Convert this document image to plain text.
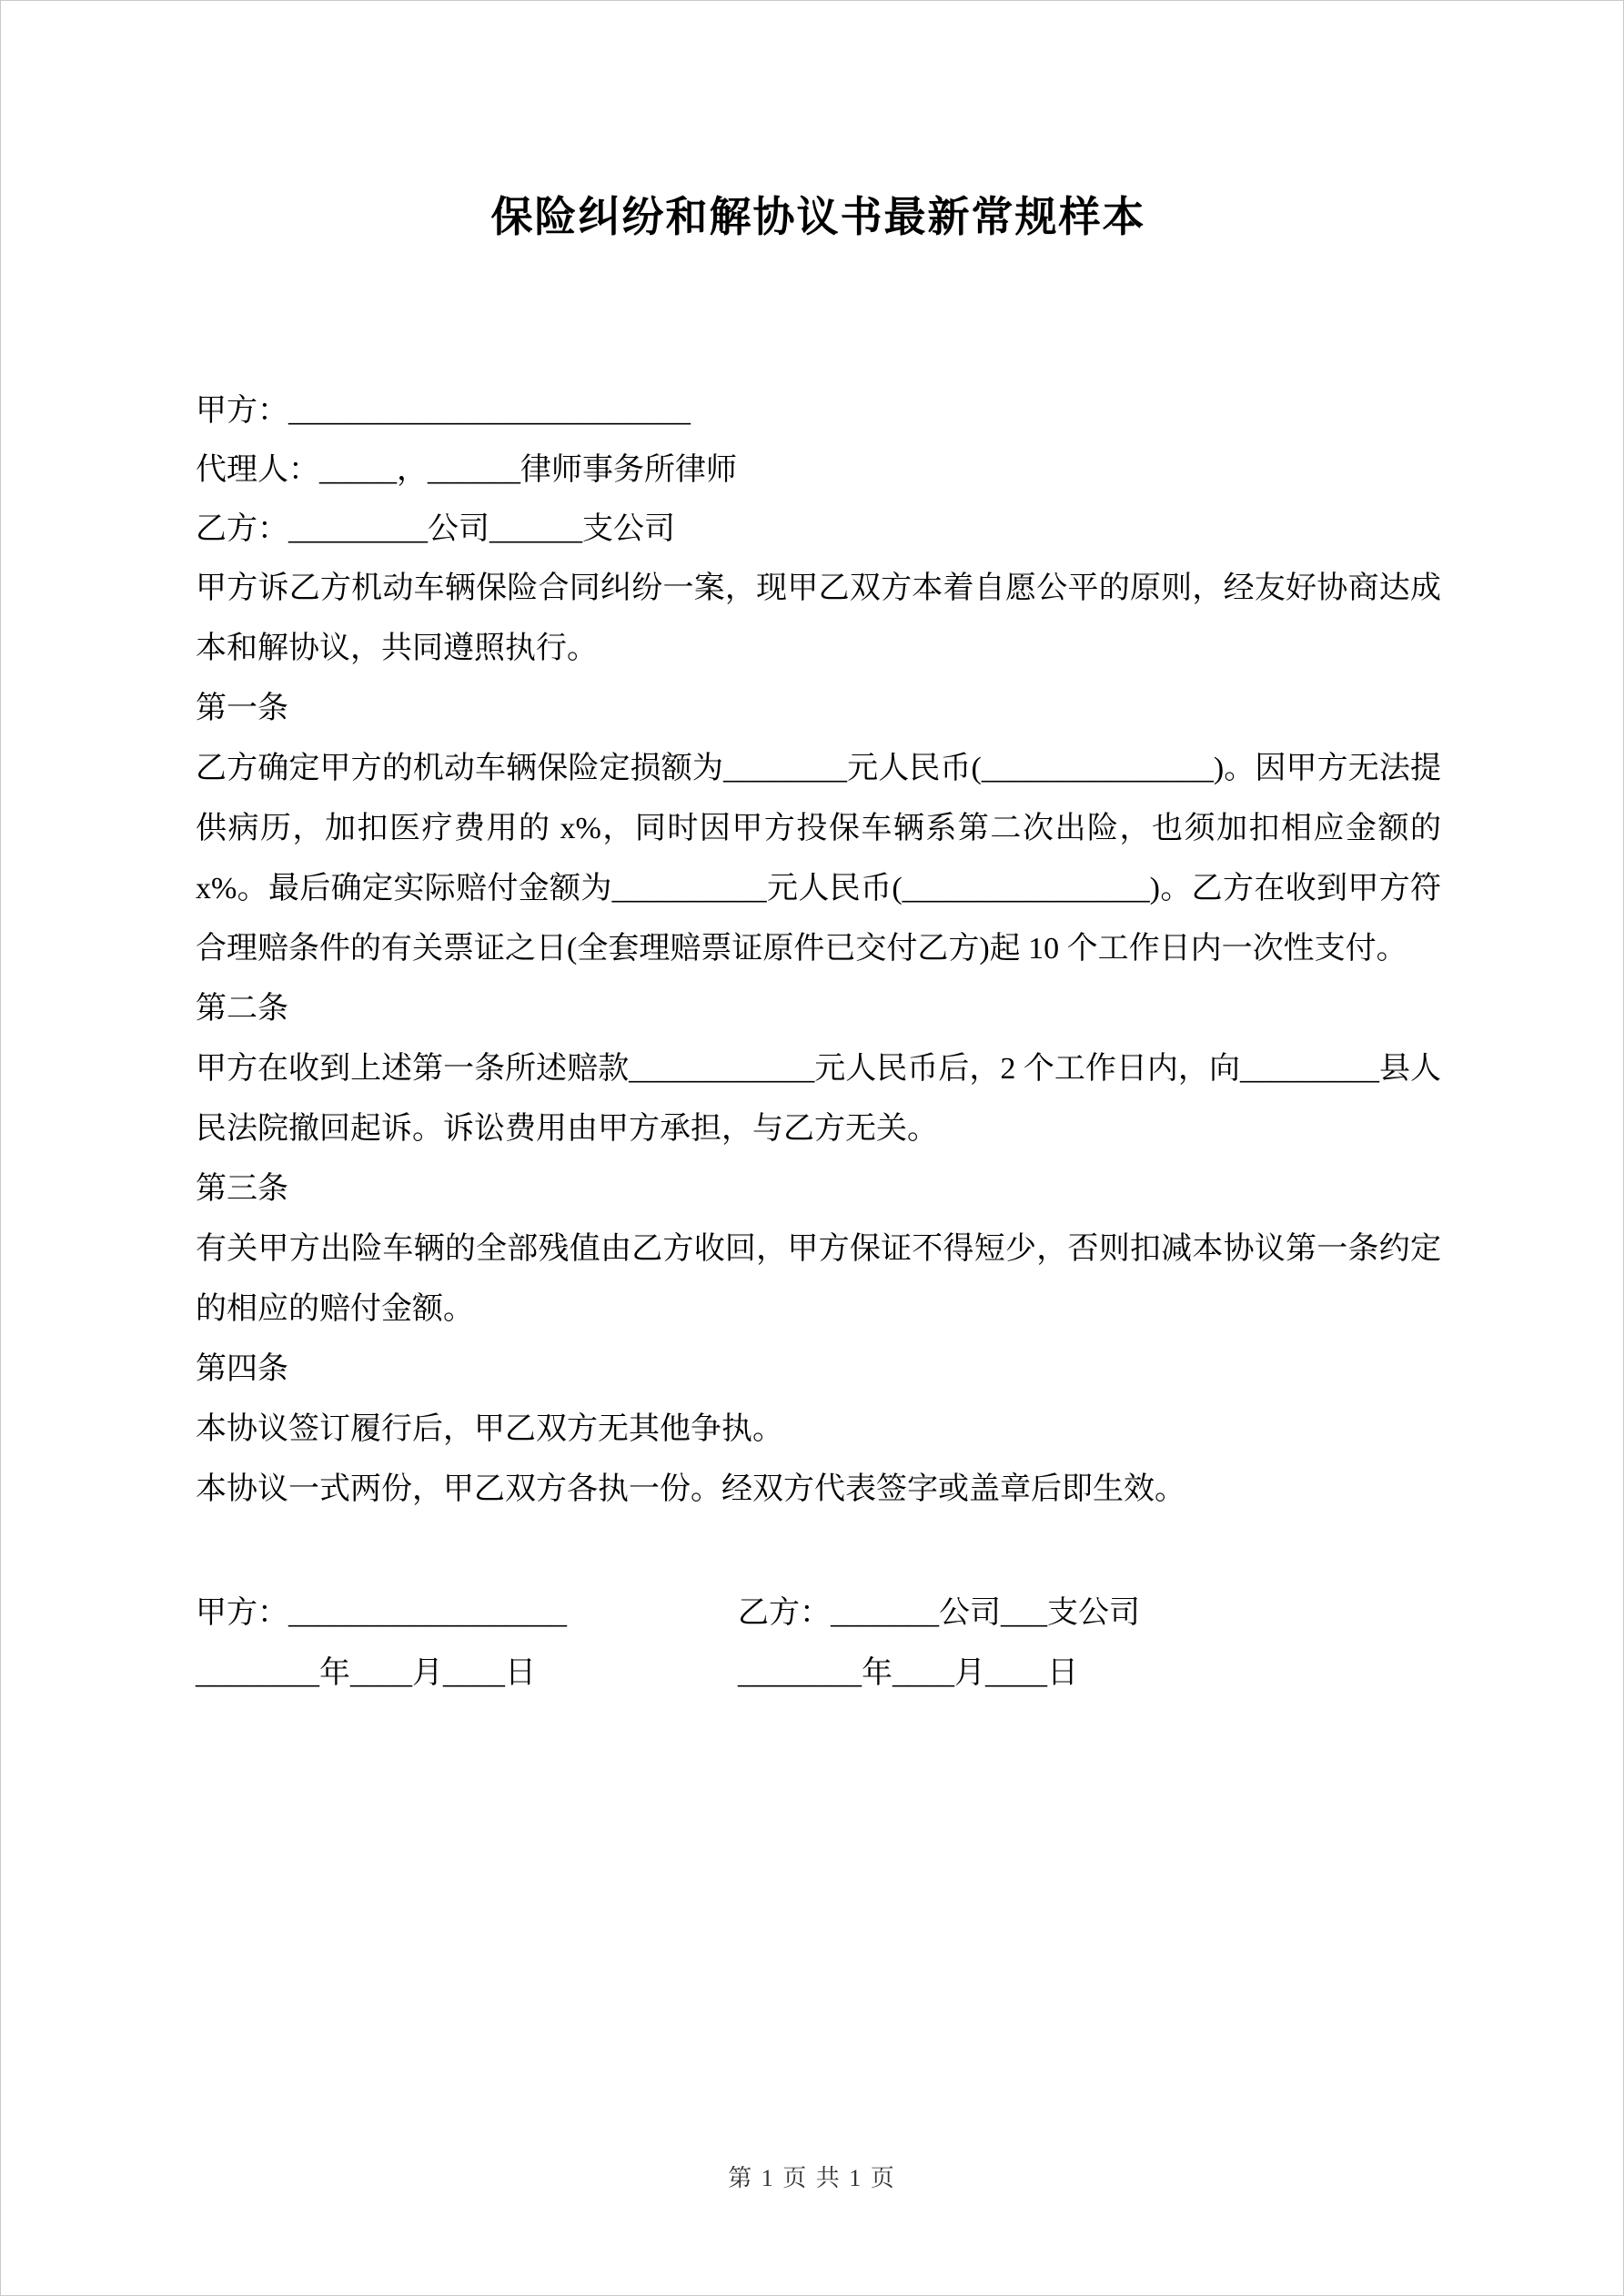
保险纠纷和解协议书最新常规样本

甲方：__________________________

代理人：_____，______律师事务所律师

乙方：_________公司______支公司

甲方诉乙方机动车辆保险合同纠纷一案，现甲乙双方本着自愿公平的原则，经友好协商达成本和解协议，共同遵照执行。

第一条

乙方确定甲方的机动车辆保险定损额为________元人民币(_______________)。因甲方无法提供病历，加扣医疗费用的 x%，同时因甲方投保车辆系第二次出险，也须加扣相应金额的 x%。最后确定实际赔付金额为__________元人民币(________________)。乙方在收到甲方符合理赔条件的有关票证之日(全套理赔票证原件已交付乙方)起 10 个工作日内一次性支付。

第二条

甲方在收到上述第一条所述赔款____________元人民币后，2 个工作日内，向_________县人民法院撤回起诉。诉讼费用由甲方承担，与乙方无关。

第三条

有关甲方出险车辆的全部残值由乙方收回，甲方保证不得短少，否则扣减本协议第一条约定的相应的赔付金额。

第四条

本协议签订履行后，甲乙双方无其他争执。

本协议一式两份，甲乙双方各执一份。经双方代表签字或盖章后即生效。

甲方：__________________	乙方：_______公司___支公司
________年____月____日	________年____月____日
第 1 页 共 1 页
